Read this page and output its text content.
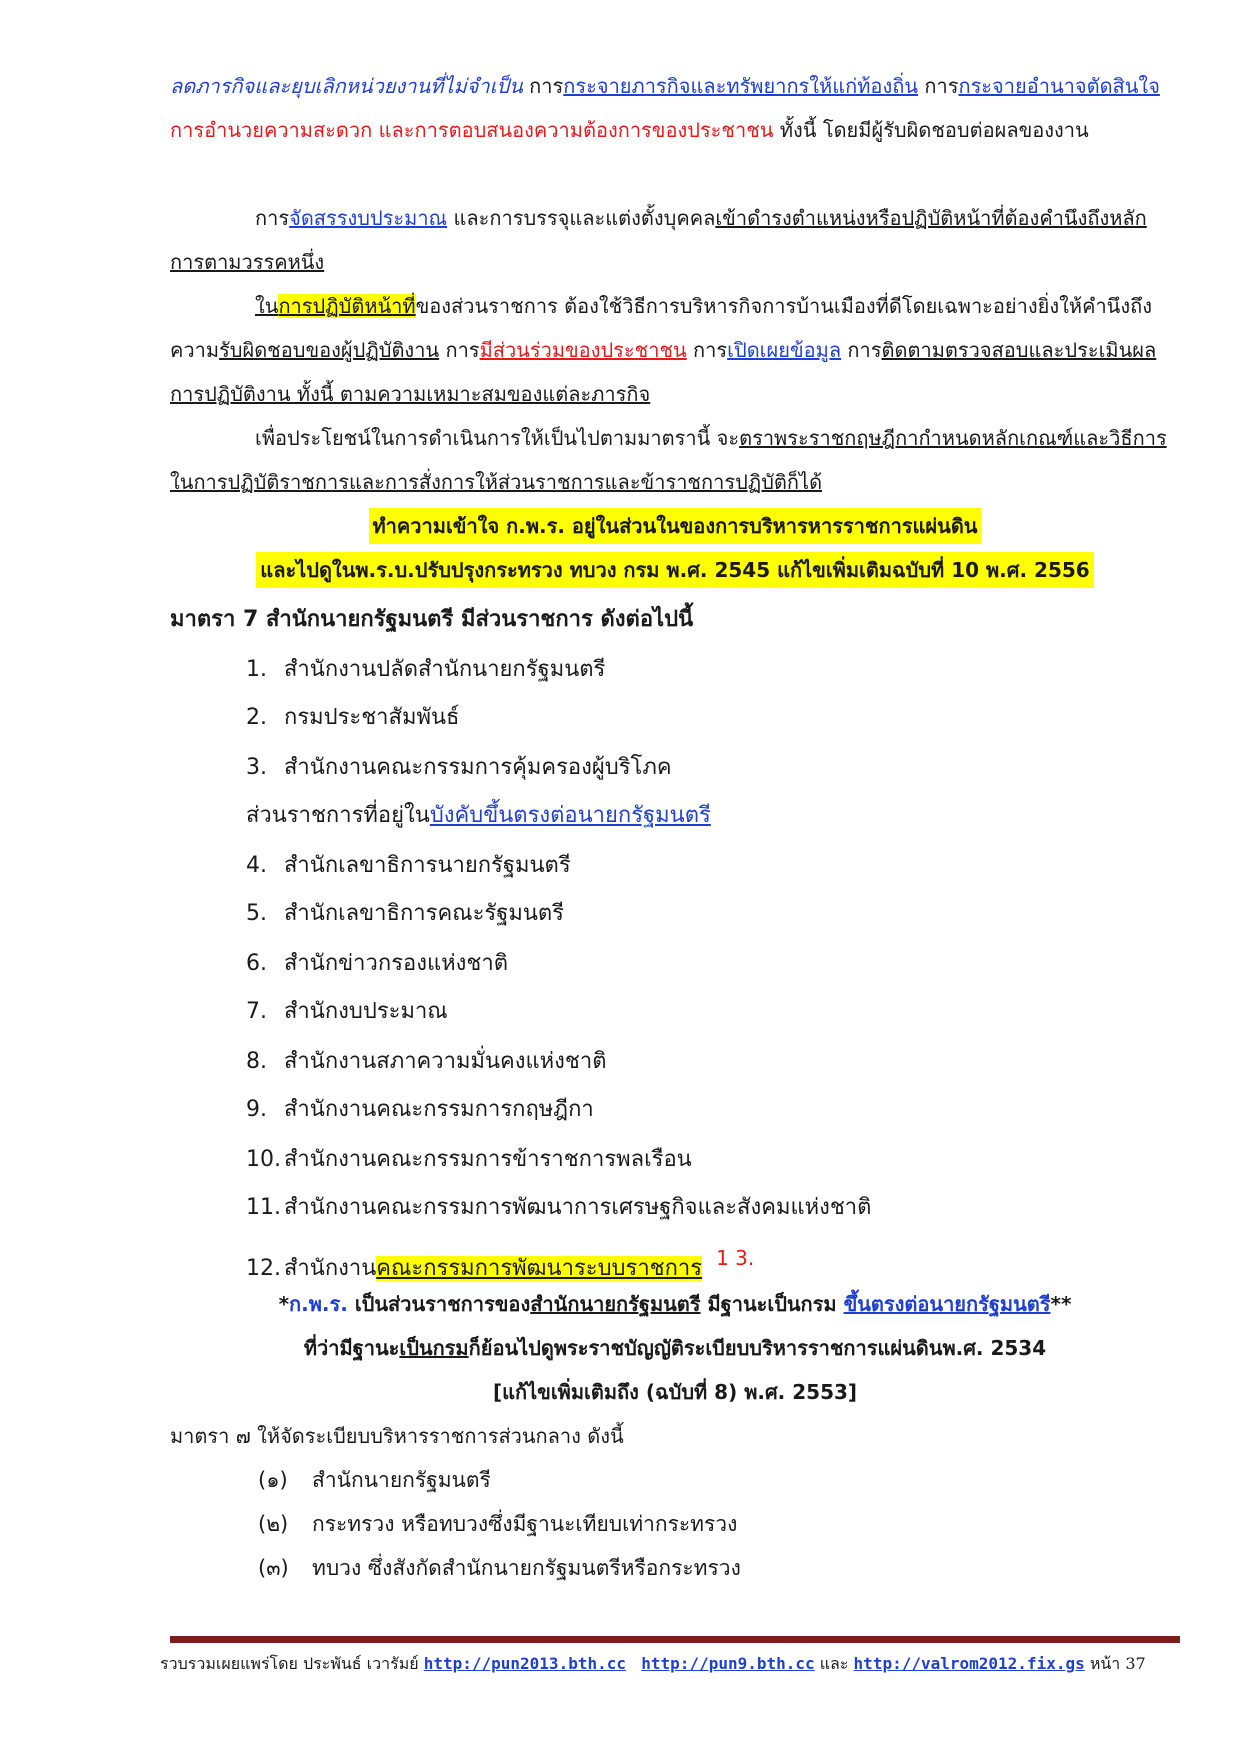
ลดภารกิจและยุบเลิกหน่วยงานที่ไม่จำเป็น การกระจายภารกิจและทรัพยากรให้แก่ท้องถิ่น การกระจายอำนาจตัดสินใจ การอำนวยความสะดวก และการตอบสนองความต้องการของประชาชน ทั้งนี้ โดยมีผู้รับผิดชอบต่อผลของงาน
การจัดสรรงบประมาณ และการบรรจุและแต่งตั้งบุคคลเข้าดำรงตำแหน่งหรือปฏิบัติหน้าที่ต้องคำนึงถึงหลักการตามวรรคหนึ่ง
ในการปฏิบัติหน้าที่ของส่วนราชการ ต้องใช้วิธีการบริหารกิจการบ้านเมืองที่ดีโดยเฉพาะอย่างยิ่งให้คำนึงถึงความรับผิดชอบของผู้ปฏิบัติงาน การมีส่วนร่วมของประชาชน การเปิดเผยข้อมูล การติดตามตรวจสอบและประเมินผลการปฏิบัติงาน ทั้งนี้ ตามความเหมาะสมของแต่ละภารกิจ
เพื่อประโยชน์ในการดำเนินการให้เป็นไปตามมาตรานี้ จะตราพระราชกฤษฎีกากำหนดหลักเกณฑ์และวิธีการในการปฏิบัติราชการและการสั่งการให้ส่วนราชการและข้าราชการปฏิบัติก็ได้
ทำความเข้าใจ ก.พ.ร. อยู่ในส่วนในของการบริหารหารราชการแผ่นดิน
และไปดูในพ.ร.บ.ปรับปรุงกระทรวง ทบวง กรม พ.ศ. 2545 แก้ไขเพิ่มเติมฉบับที่ 10 พ.ศ. 2556
มาตรา 7 สำนักนายกรัฐมนตรี มีส่วนราชการ ดังต่อไปนี้
1. สำนักงานปลัดสำนักนายกรัฐมนตรี
2. กรมประชาสัมพันธ์
3. สำนักงานคณะกรรมการคุ้มครองผู้บริโภค
ส่วนราชการที่อยู่ในบังคับขึ้นตรงต่อนายกรัฐมนตรี
4. สำนักเลขาธิการนายกรัฐมนตรี
5. สำนักเลขาธิการคณะรัฐมนตรี
6. สำนักข่าวกรองแห่งชาติ
7. สำนักงบประมาณ
8. สำนักงานสภาความมั่นคงแห่งชาติ
9. สำนักงานคณะกรรมการกฤษฎีกา
10. สำนักงานคณะกรรมการข้าราชการพลเรือน
11. สำนักงานคณะกรรมการพัฒนาการเศรษฐกิจและสังคมแห่งชาติ
12. สำนักงานคณะกรรมการพัฒนาระบบราชการ 1 3.
*ก.พ.ร. เป็นส่วนราชการของสำนักนายกรัฐมนตรี มีฐานะเป็นกรม ขึ้นตรงต่อนายกรัฐมนตรี**
ที่ว่ามีฐานะเป็นกรมก็ย้อนไปดูพระราชบัญญัติระเบียบบริหารราชการแผ่นดินพ.ศ. 2534
[แก้ไขเพิ่มเติมถึง (ฉบับที่ 8) พ.ศ. 2553]
มาตรา ๗ ให้จัดระเบียบบริหารราชการส่วนกลาง ดังนี้
(๑) สำนักนายกรัฐมนตรี
(๒) กระทรวง หรือทบวงซึ่งมีฐานะเทียบเท่ากระทรวง
(๓) ทบวง ซึ่งสังกัดสำนักนายกรัฐมนตรีหรือกระทรวง
รวบรวมเผยแพร่โดย ประพันธ์ เวารัมย์ http://pun2013.bth.cc http://pun9.bth.cc และ http://valrom2012.fix.gs หน้า 37
